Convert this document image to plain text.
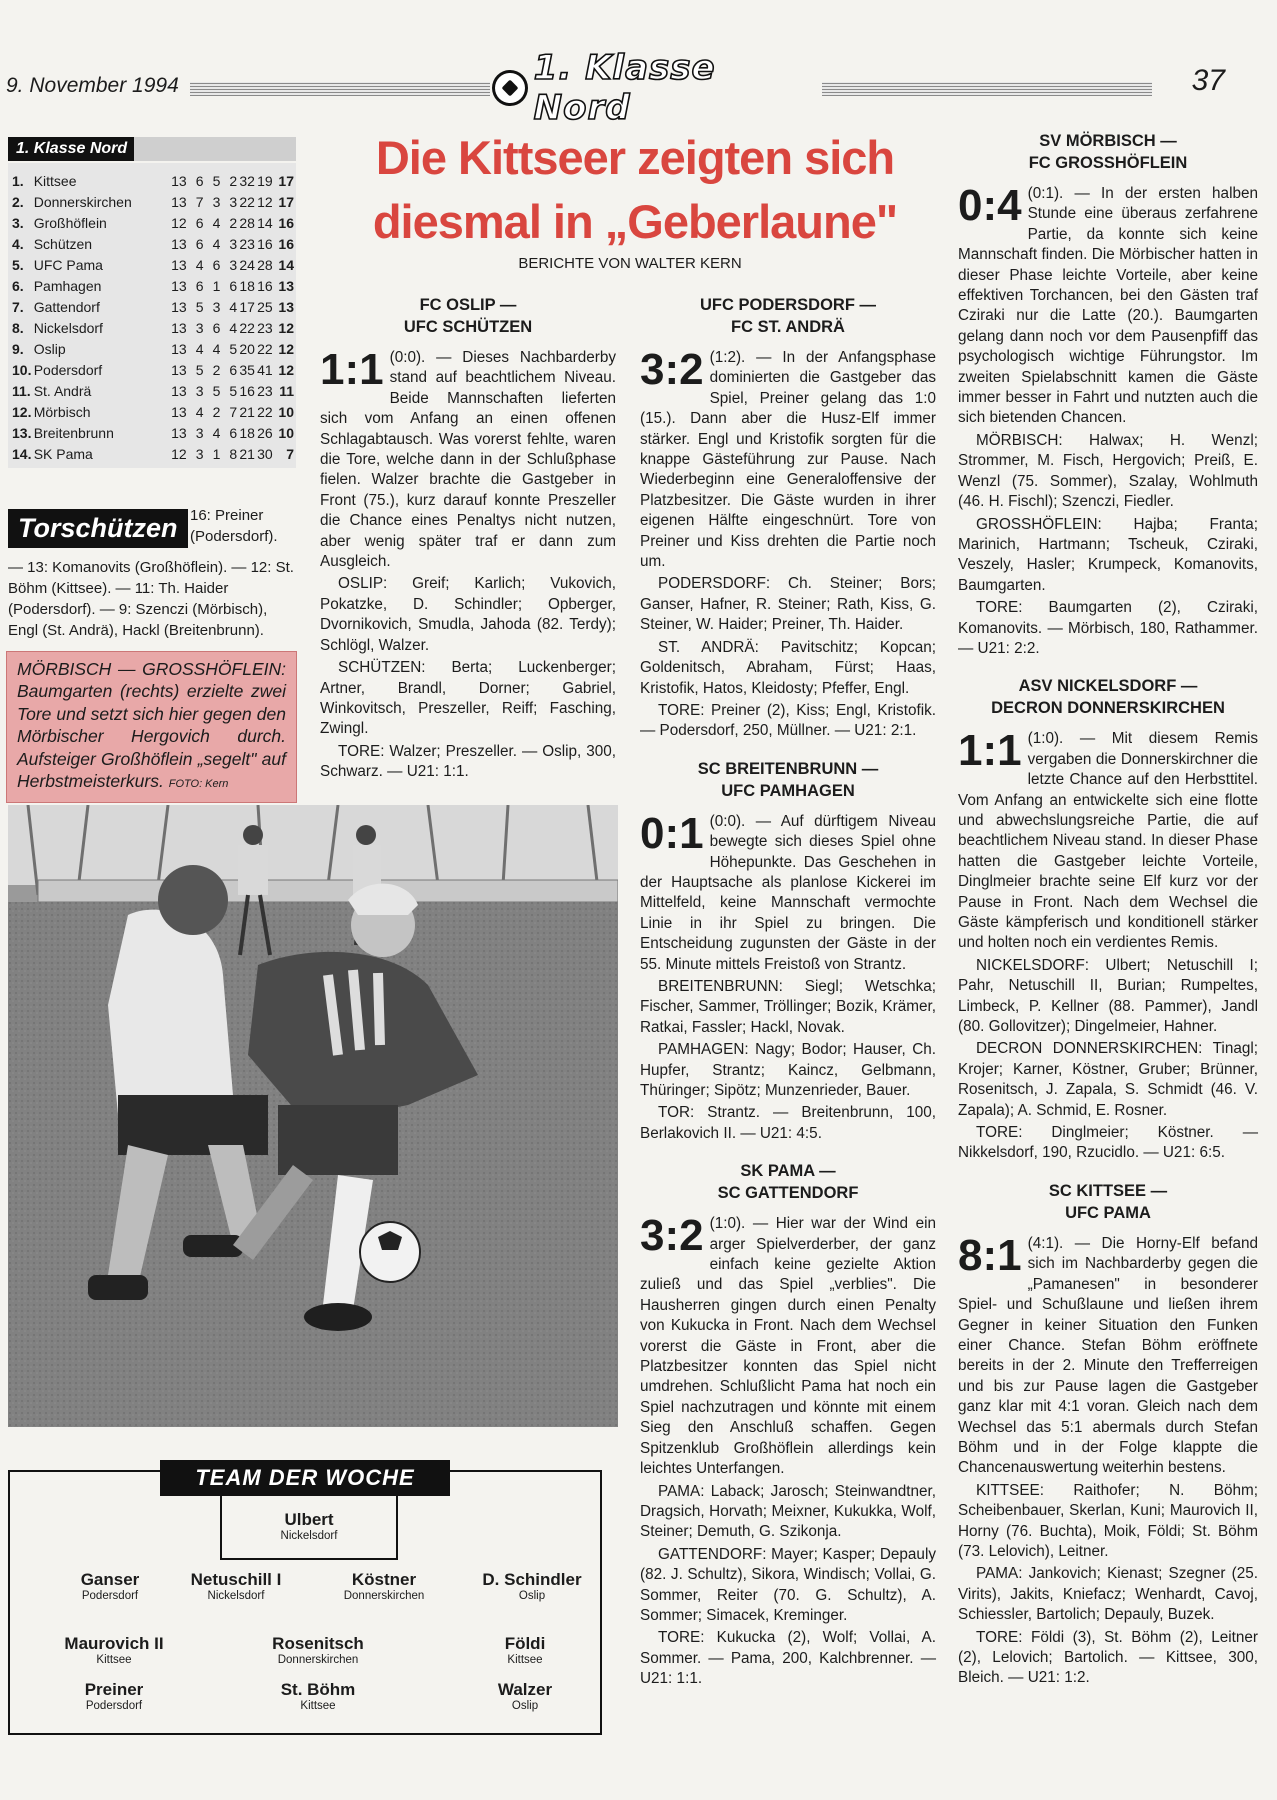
9. November 1994	1. Klasse Nord
37
1. Klasse Nord
1.	Kittsee	13	6	5	2	32	19	17
2.	Donnerskirchen	13	7	3	3	22	12	17
3.	Großhöflein	12	6	4	2	28	14	16
4.	Schützen	13	6	4	3	23	16	16
5.	UFC Pama	13	4	6	3	24	28	14
6.	Pamhagen	13	6	1	6	18	16	13
7.	Gattendorf	13	5	3	4	17	25	13
8.	Nickelsdorf	13	3	6	4	22	23	12
9.	Oslip	13	4	4	5	20	22	12
10.	Podersdorf	13	5	2	6	35	41	12
11.	St. Andrä	13	3	5	5	16	23	11
12.	Mörbisch	13	4	2	7	21	22	10
13.	Breitenbrunn	13	3	4	6	18	26	10
14.	SK Pama	12	3	1	8	21	30	7
Torschützen 16: Preiner (Podersdorf).
— 13: Komanovits (Großhöflein). — 12: St. Böhm (Kittsee). — 11: Th. Haider (Podersdorf). — 9: Szenczi (Mörbisch), Engl (St. Andrä), Hackl (Breitenbrunn).
MÖRBISCH — GROSSHÖFLEIN: Baumgarten (rechts) erzielte zwei Tore und setzt sich hier gegen den Mörbischer Hergovich durch. Aufsteiger Großhöflein „segelt" auf Herbstmeisterkurs. FOTO: Kern
TEAM DER WOCHE
Ulbert
Nickelsdorf
Ganser
Podersdorf
Netuschill I
Nickelsdorf
Köstner
Donnerskirchen
D. Schindler
Oslip
Maurovich II
Kittsee
Rosenitsch
Donnerskirchen
Földi
Kittsee
Preiner
Podersdorf
St. Böhm
Kittsee
Walzer
Oslip
Die Kittseer zeigten sich
diesmal in „Geberlaune"
BERICHTE VON WALTER KERN
FC OSLIP —
UFC SCHÜTZEN

1:1 (0:0). — Dieses Nachbarderby stand auf beachtlichem Niveau. Beide Mannschaften lieferten sich vom Anfang an einen offenen Schlagabtausch. Was vorerst fehlte, waren die Tore, welche dann in der Schlußphase fielen. Walzer brachte die Gastgeber in Front (75.), kurz darauf konnte Preszeller die Chance eines Penaltys nicht nutzen, aber wenig später traf er dann zum Ausgleich.

OSLIP: Greif; Karlich; Vukovich, Pokatzke, D. Schindler; Opberger, Dvornikovich, Smudla, Jahoda (82. Terdy); Schlögl, Walzer.

SCHÜTZEN: Berta; Luckenberger; Artner, Brandl, Dorner; Gabriel, Winkovitsch, Preszeller, Reiff; Fasching, Zwingl.

TORE: Walzer; Preszeller. — Oslip, 300, Schwarz. — U21: 1:1.

UFC PODERSDORF —
FC ST. ANDRÄ

3:2 (1:2). — In der Anfangsphase dominierten die Gastgeber das Spiel, Preiner gelang das 1:0 (15.). Dann aber die Husz-Elf immer stärker. Engl und Kristofik sorgten für die knappe Gästeführung zur Pause. Nach Wiederbeginn eine Generaloffensive der Platzbesitzer. Die Gäste wurden in ihrer eigenen Hälfte eingeschnürt. Tore von Preiner und Kiss drehten die Partie noch um.

PODERSDORF: Ch. Steiner; Bors; Ganser, Hafner, R. Steiner; Rath, Kiss, G. Steiner, W. Haider; Preiner, Th. Haider.

ST. ANDRÄ: Pavitschitz; Kopcan; Goldenitsch, Abraham, Fürst; Haas, Kristofik, Hatos, Kleidosty; Pfeffer, Engl.

TORE: Preiner (2), Kiss; Engl, Kristofik. — Podersdorf, 250, Müllner. — U21: 2:1.

SC BREITENBRUNN —
UFC PAMHAGEN

0:1 (0:0). — Auf dürftigem Niveau bewegte sich dieses Spiel ohne Höhepunkte. Das Geschehen in der Hauptsache als planlose Kickerei im Mittelfeld, keine Mannschaft vermochte Linie in ihr Spiel zu bringen. Die Entscheidung zugunsten der Gäste in der 55. Minute mittels Freistoß von Strantz.

BREITENBRUNN: Siegl; Wetschka; Fischer, Sammer, Tröllinger; Bozik, Krämer, Ratkai, Fassler; Hackl, Novak.

PAMHAGEN: Nagy; Bodor; Hauser, Ch. Hupfer, Strantz; Kaincz, Gelbmann, Thüringer; Sipötz; Munzenrieder, Bauer.

TOR: Strantz. — Breitenbrunn, 100, Berlakovich II. — U21: 4:5.

SK PAMA —
SC GATTENDORF

3:2 (1:0). — Hier war der Wind ein arger Spielverderber, der ganz einfach keine gezielte Aktion zuließ und das Spiel „verblies". Die Hausherren gingen durch einen Penalty von Kukucka in Front. Nach dem Wechsel vorerst die Gäste in Front, aber die Platzbesitzer konnten das Spiel nicht umdrehen. Schlußlicht Pama hat noch ein Spiel nachzutragen und könnte mit einem Sieg den Anschluß schaffen. Gegen Spitzenklub Großhöflein allerdings kein leichtes Unterfangen.

PAMA: Laback; Jarosch; Steinwandtner, Dragsich, Horvath; Meixner, Kukukka, Wolf, Steiner; Demuth, G. Szikonja.

GATTENDORF: Mayer; Kasper; Depauly (82. J. Schultz), Sikora, Windisch; Vollai, G. Sommer, Reiter (70. G. Schultz), A. Sommer; Simacek, Kreminger.

TORE: Kukucka (2), Wolf; Vollai, A. Sommer. — Pama, 200, Kalchbrenner. — U21: 1:1.

SV MÖRBISCH —
FC GROSSHÖFLEIN

0:4 (0:1). — In der ersten halben Stunde eine überaus zerfahrene Partie, da konnte sich keine Mannschaft finden. Die Mörbischer hatten in dieser Phase leichte Vorteile, aber keine effektiven Torchancen, bei den Gästen traf Cziraki nur die Latte (20.). Baumgarten gelang dann noch vor dem Pausenpfiff das psychologisch wichtige Führungstor. Im zweiten Spielabschnitt kamen die Gäste immer besser in Fahrt und nutzten auch die sich bietenden Chancen.

MÖRBISCH: Halwax; H. Wenzl; Strommer, M. Fisch, Hergovich; Preiß, E. Wenzl (75. Sommer), Szalay, Wohlmuth (46. H. Fischl); Szenczi, Fiedler.

GROSSHÖFLEIN: Hajba; Franta; Marinich, Hartmann; Tscheuk, Cziraki, Veszely, Hasler; Krumpeck, Komanovits, Baumgarten.

TORE: Baumgarten (2), Cziraki, Komanovits. — Mörbisch, 180, Rathammer. — U21: 2:2.

ASV NICKELSDORF —
DECRON DONNERSKIRCHEN

1:1 (1:0). — Mit diesem Remis vergaben die Donnerskirchner die letzte Chance auf den Herbsttitel. Vom Anfang an entwickelte sich eine flotte und abwechslungsreiche Partie, die auf beachtlichem Niveau stand. In dieser Phase hatten die Gastgeber leichte Vorteile, Dinglmeier brachte seine Elf kurz vor der Pause in Front. Nach dem Wechsel die Gäste kämpferisch und konditionell stärker und holten noch ein verdientes Remis.

NICKELSDORF: Ulbert; Netuschill I; Pahr, Netuschill II, Burian; Rumpeltes, Limbeck, P. Kellner (88. Pammer), Jandl (80. Gollovitzer); Dingelmeier, Hahner.

DECRON DONNERSKIRCHEN: Tinagl; Krojer; Karner, Köstner, Gruber; Brünner, Rosenitsch, J. Zapala, S. Schmidt (46. V. Zapala); A. Schmid, E. Rosner.

TORE: Dinglmeier; Köstner. — Nikkelsdorf, 190, Rzucidlo. — U21: 6:5.

SC KITTSEE —
UFC PAMA

8:1 (4:1). — Die Horny-Elf befand sich im Nachbarderby gegen die „Pamanesen" in besonderer Spiel- und Schußlaune und ließen ihrem Gegner in keiner Situation den Funken einer Chance. Stefan Böhm eröffnete bereits in der 2. Minute den Trefferreigen und bis zur Pause lagen die Gastgeber ganz klar mit 4:1 voran. Gleich nach dem Wechsel das 5:1 abermals durch Stefan Böhm und in der Folge klappte die Chancenauswertung weiterhin bestens.

KITTSEE: Raithofer; N. Böhm; Scheibenbauer, Skerlan, Kuni; Maurovich II, Horny (76. Buchta), Moik, Földi; St. Böhm (73. Lelovich), Leitner.

PAMA: Jankovich; Kienast; Szegner (25. Virits), Jakits, Kniefacz; Wenhardt, Cavoj, Schiessler, Bartolich; Depauly, Buzek.

TORE: Földi (3), St. Böhm (2), Leitner (2), Lelovich; Bartolich. — Kittsee, 300, Bleich. — U21: 1:2.
